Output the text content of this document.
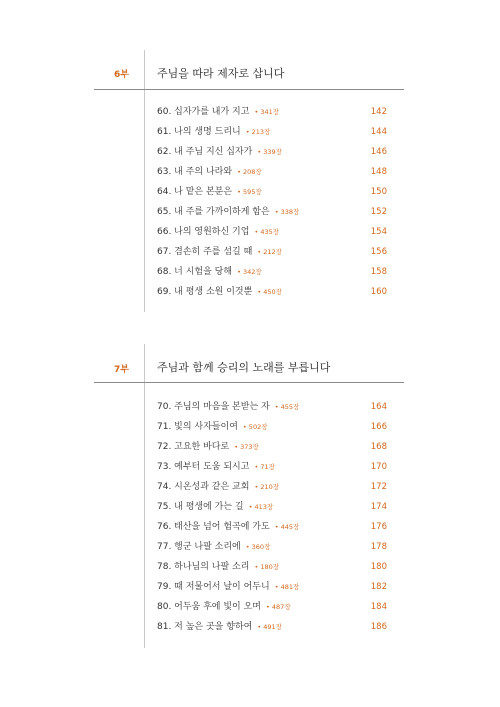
6부	주님을 따라 제자로 삽니다
60. 십자가를 내가 지고 • 341장	142
61. 나의 생명 드리니 • 213장	144
62. 내 주님 지신 십자가 • 339장	146
63. 내 주의 나라와 • 208장	148
64. 나 맡은 본분은 • 595장	150
65. 내 주를 가까이하게 함은 • 338장	152
66. 나의 영원하신 기업 • 435장	154
67. 겸손히 주를 섬길 때 • 212장	156
68. 너 시험을 당해 • 342장	158
69. 내 평생 소원 이것뿐 • 450장	160
7부	주님과 함께 승리의 노래를 부릅니다
70. 주님의 마음을 본받는 자 • 455장	164
71. 빛의 사자들이여 • 502장	166
72. 고요한 바다로 • 373장	168
73. 예부터 도움 되시고 • 71장	170
74. 시온성과 같은 교회 • 210장	172
75. 내 평생에 가는 길 • 413장	174
76. 태산을 넘어 험곡에 가도 • 445장	176
77. 행군 나팔 소리에 • 360장	178
78. 하나님의 나팔 소리 • 180장	180
79. 때 저물어서 날이 어두니 • 481장	182
80. 어두움 후에 빛이 오며 • 487장	184
81. 저 높은 곳을 향하여 • 491장	186
